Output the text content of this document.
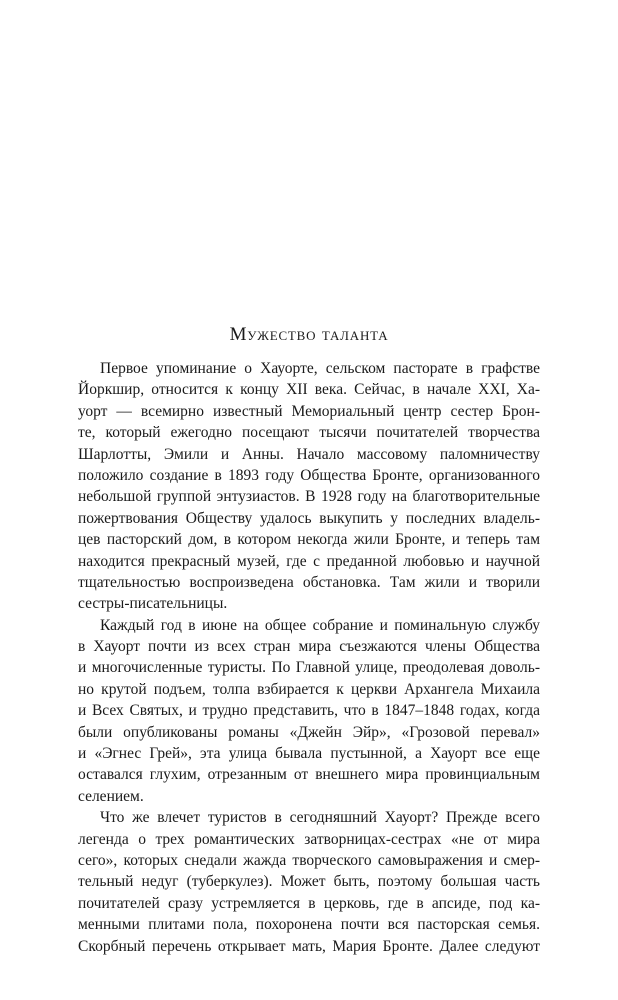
Мужество таланта
Первое упоминание о Хауорте, сельском пасторате в графстве
Йоркшир, относится к концу XII века. Сейчас, в начале XXI, Ха-
уорт — всемирно известный Мемориальный центр сестер Брон-
те, который ежегодно посещают тысячи почитателей творчества
Шарлотты, Эмили и Анны. Начало массовому паломничеству
положило создание в 1893 году Общества Бронте, организованного
небольшой группой энтузиастов. В 1928 году на благотворительные
пожертвования Обществу удалось выкупить у последних владель-
цев пасторский дом, в котором некогда жили Бронте, и теперь там
находится прекрасный музей, где с преданной любовью и научной
тщательностью воспроизведена обстановка. Там жили и творили
сестры-писательницы.
Каждый год в июне на общее собрание и поминальную службу
в Хауорт почти из всех стран мира съезжаются члены Общества
и многочисленные туристы. По Главной улице, преодолевая доволь-
но крутой подъем, толпа взбирается к церкви Архангела Михаила
и Всех Святых, и трудно представить, что в 1847–1848 годах, когда
были опубликованы романы «Джейн Эйр», «Грозовой перевал»
и «Эгнес Грей», эта улица бывала пустынной, а Хауорт все еще
оставался глухим, отрезанным от внешнего мира провинциальным
селением.
Что же влечет туристов в сегодняшний Хауорт? Прежде всего
легенда о трех романтических затворницах-сестрах «не от мира
сего», которых снедали жажда творческого самовыражения и смер-
тельный недуг (туберкулез). Может быть, поэтому большая часть
почитателей сразу устремляется в церковь, где в апсиде, под ка-
менными плитами пола, похоронена почти вся пасторская семья.
Скорбный перечень открывает мать, Мария Бронте. Далее следуют
